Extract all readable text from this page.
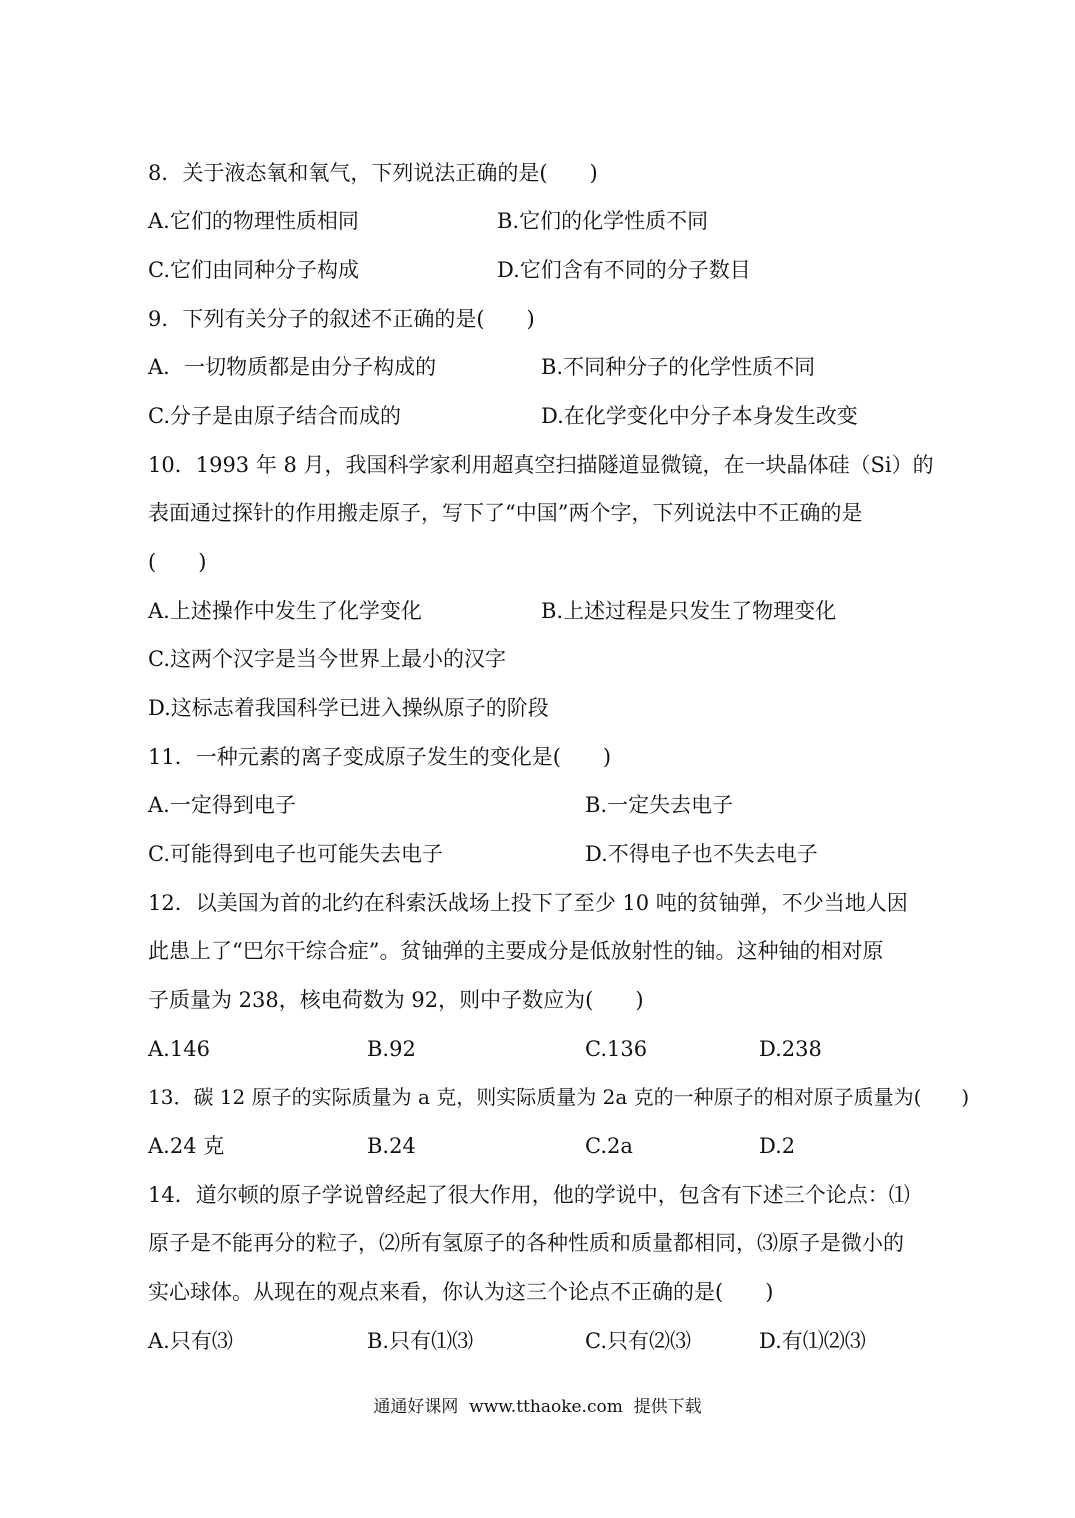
8．关于液态氧和氧气，下列说法正确的是(　　)
A.它们的物理性质相同	B.它们的化学性质不同
C.它们由同种分子构成	D.它们含有不同的分子数目
9．下列有关分子的叙述不正确的是(　　)
A．一切物质都是由分子构成的	B.不同种分子的化学性质不同
C.分子是由原子结合而成的	D.在化学变化中分子本身发生改变
10．1993 年 8 月，我国科学家利用超真空扫描隧道显微镜，在一块晶体硅（Si）的
表面通过探针的作用搬走原子，写下了“中国”两个字，下列说法中不正确的是
(　　)
A.上述操作中发生了化学变化	B.上述过程是只发生了物理变化
C.这两个汉字是当今世界上最小的汉字
D.这标志着我国科学已进入操纵原子的阶段
11．一种元素的离子变成原子发生的变化是(　　)
A.一定得到电子	B.一定失去电子
C.可能得到电子也可能失去电子	D.不得电子也不失去电子
12．以美国为首的北约在科索沃战场上投下了至少 10 吨的贫铀弹，不少当地人因
此患上了“巴尔干综合症”。贫铀弹的主要成分是低放射性的铀。这种铀的相对原
子质量为 238，核电荷数为 92，则中子数应为(　　)
A.146	B.92	C.136	D.238
13．碳 12 原子的实际质量为 a 克，则实际质量为 2a 克的一种原子的相对原子质量为(　　)
A.24 克	B.24	C.2a	D.2
14．道尔顿的原子学说曾经起了很大作用，他的学说中，包含有下述三个论点：⑴
原子是不能再分的粒子，⑵所有氢原子的各种性质和质量都相同，⑶原子是微小的
实心球体。从现在的观点来看，你认为这三个论点不正确的是(　　)
A.只有⑶	B.只有⑴⑶	C.只有⑵⑶	D.有⑴⑵⑶
通通好课网  www.tthaoke.com  提供下载
